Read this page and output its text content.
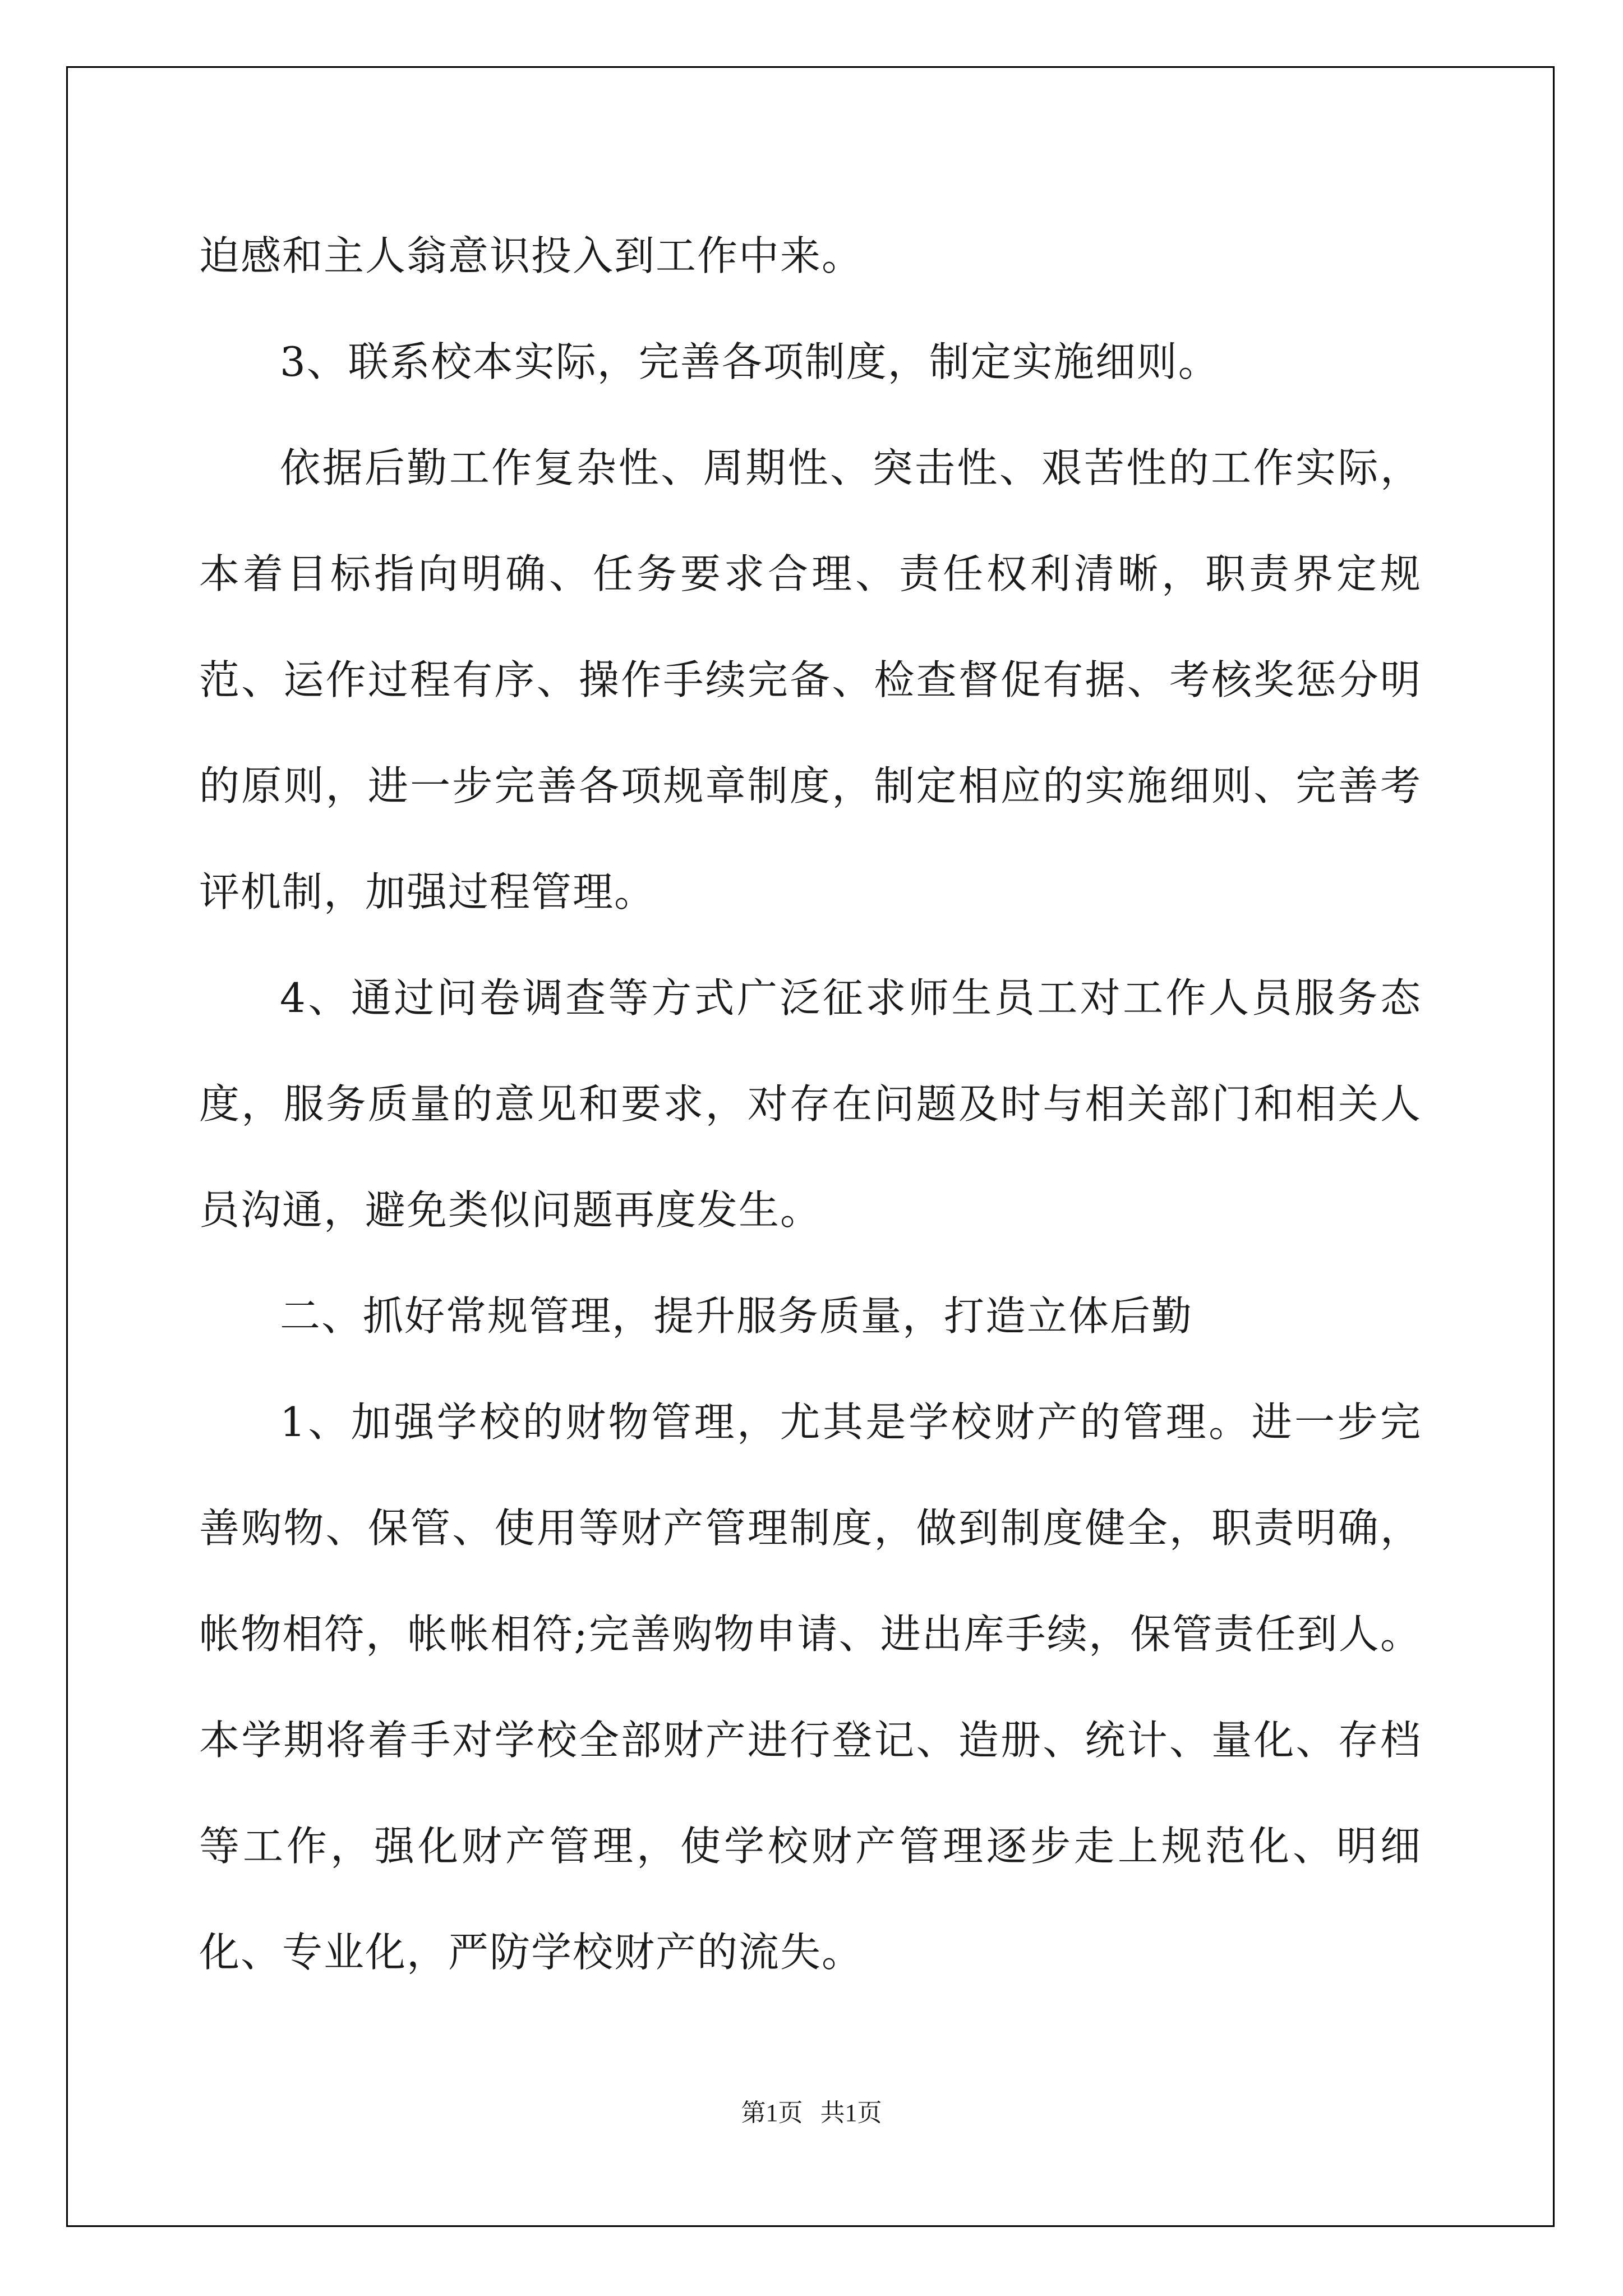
迫感和主人翁意识投入到工作中来。

3、联系校本实际，完善各项制度，制定实施细则。

依据后勤工作复杂性、周期性、突击性、艰苦性的工作实际，本着目标指向明确、任务要求合理、责任权利清晰，职责界定规范、运作过程有序、操作手续完备、检查督促有据、考核奖惩分明的原则，进一步完善各项规章制度，制定相应的实施细则、完善考评机制，加强过程管理。

4、通过问卷调查等方式广泛征求师生员工对工作人员服务态度，服务质量的意见和要求，对存在问题及时与相关部门和相关人员沟通，避免类似问题再度发生。

二、抓好常规管理，提升服务质量，打造立体后勤

1、加强学校的财物管理，尤其是学校财产的管理。进一步完善购物、保管、使用等财产管理制度，做到制度健全，职责明确，帐物相符，帐帐相符;完善购物申请、进出库手续，保管责任到人。本学期将着手对学校全部财产进行登记、造册、统计、量化、存档等工作，强化财产管理，使学校财产管理逐步走上规范化、明细化、专业化，严防学校财产的流失。

第1页 共1页
